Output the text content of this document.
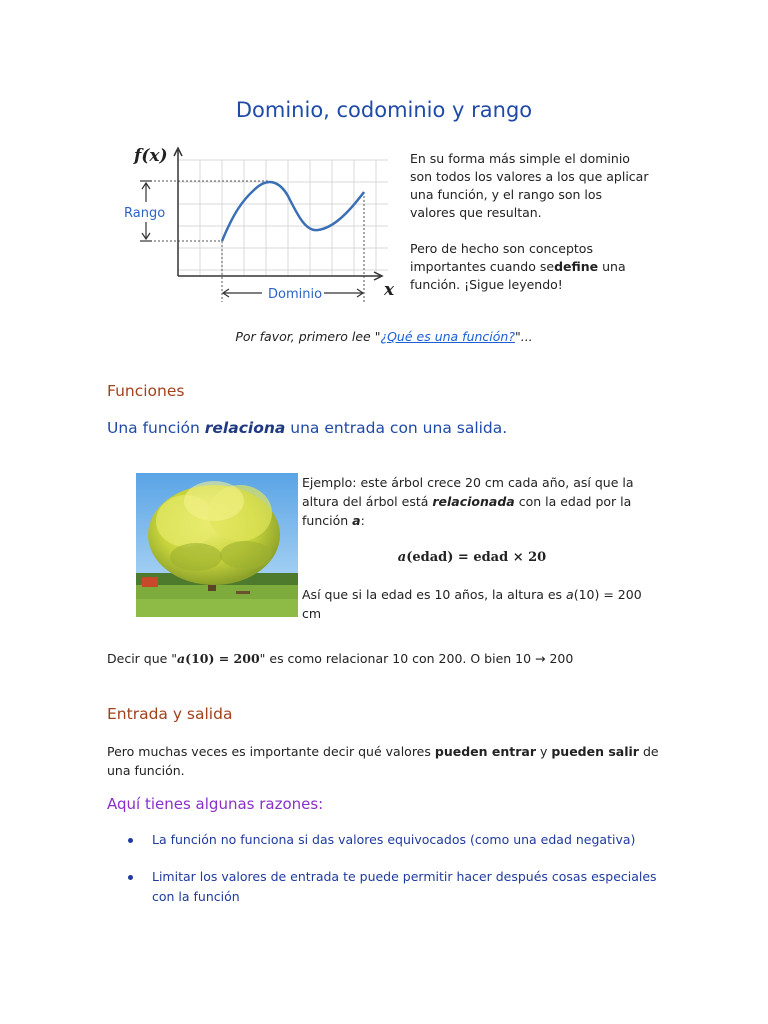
Dominio, codominio y rango
f(x)
x
Rango
Dominio

En su forma más simple el dominio son todos los valores a los que aplicar una función, y el rango son los valores que resultan.

Pero de hecho son conceptos importantes cuando sedefine una función. ¡Sigue leyendo!

Por favor, primero lee "¿Qué es una función?"...
Funciones
Una función relaciona una entrada con una salida.

Ejemplo: este árbol crece 20 cm cada año, así que la altura del árbol está relacionada con la edad por la función a:

a(edad) = edad × 20

Así que si la edad es 10 años, la altura es a(10) = 200 cm

Decir que "a(10) = 200" es como relacionar 10 con 200. O bien 10 → 200
Entrada y salida
Pero muchas veces es importante decir qué valores pueden entrar y pueden salir de una función.
Aquí tienes algunas razones:
La función no funciona si das valores equivocados (como una edad negativa)
Limitar los valores de entrada te puede permitir hacer después cosas especiales con la función
